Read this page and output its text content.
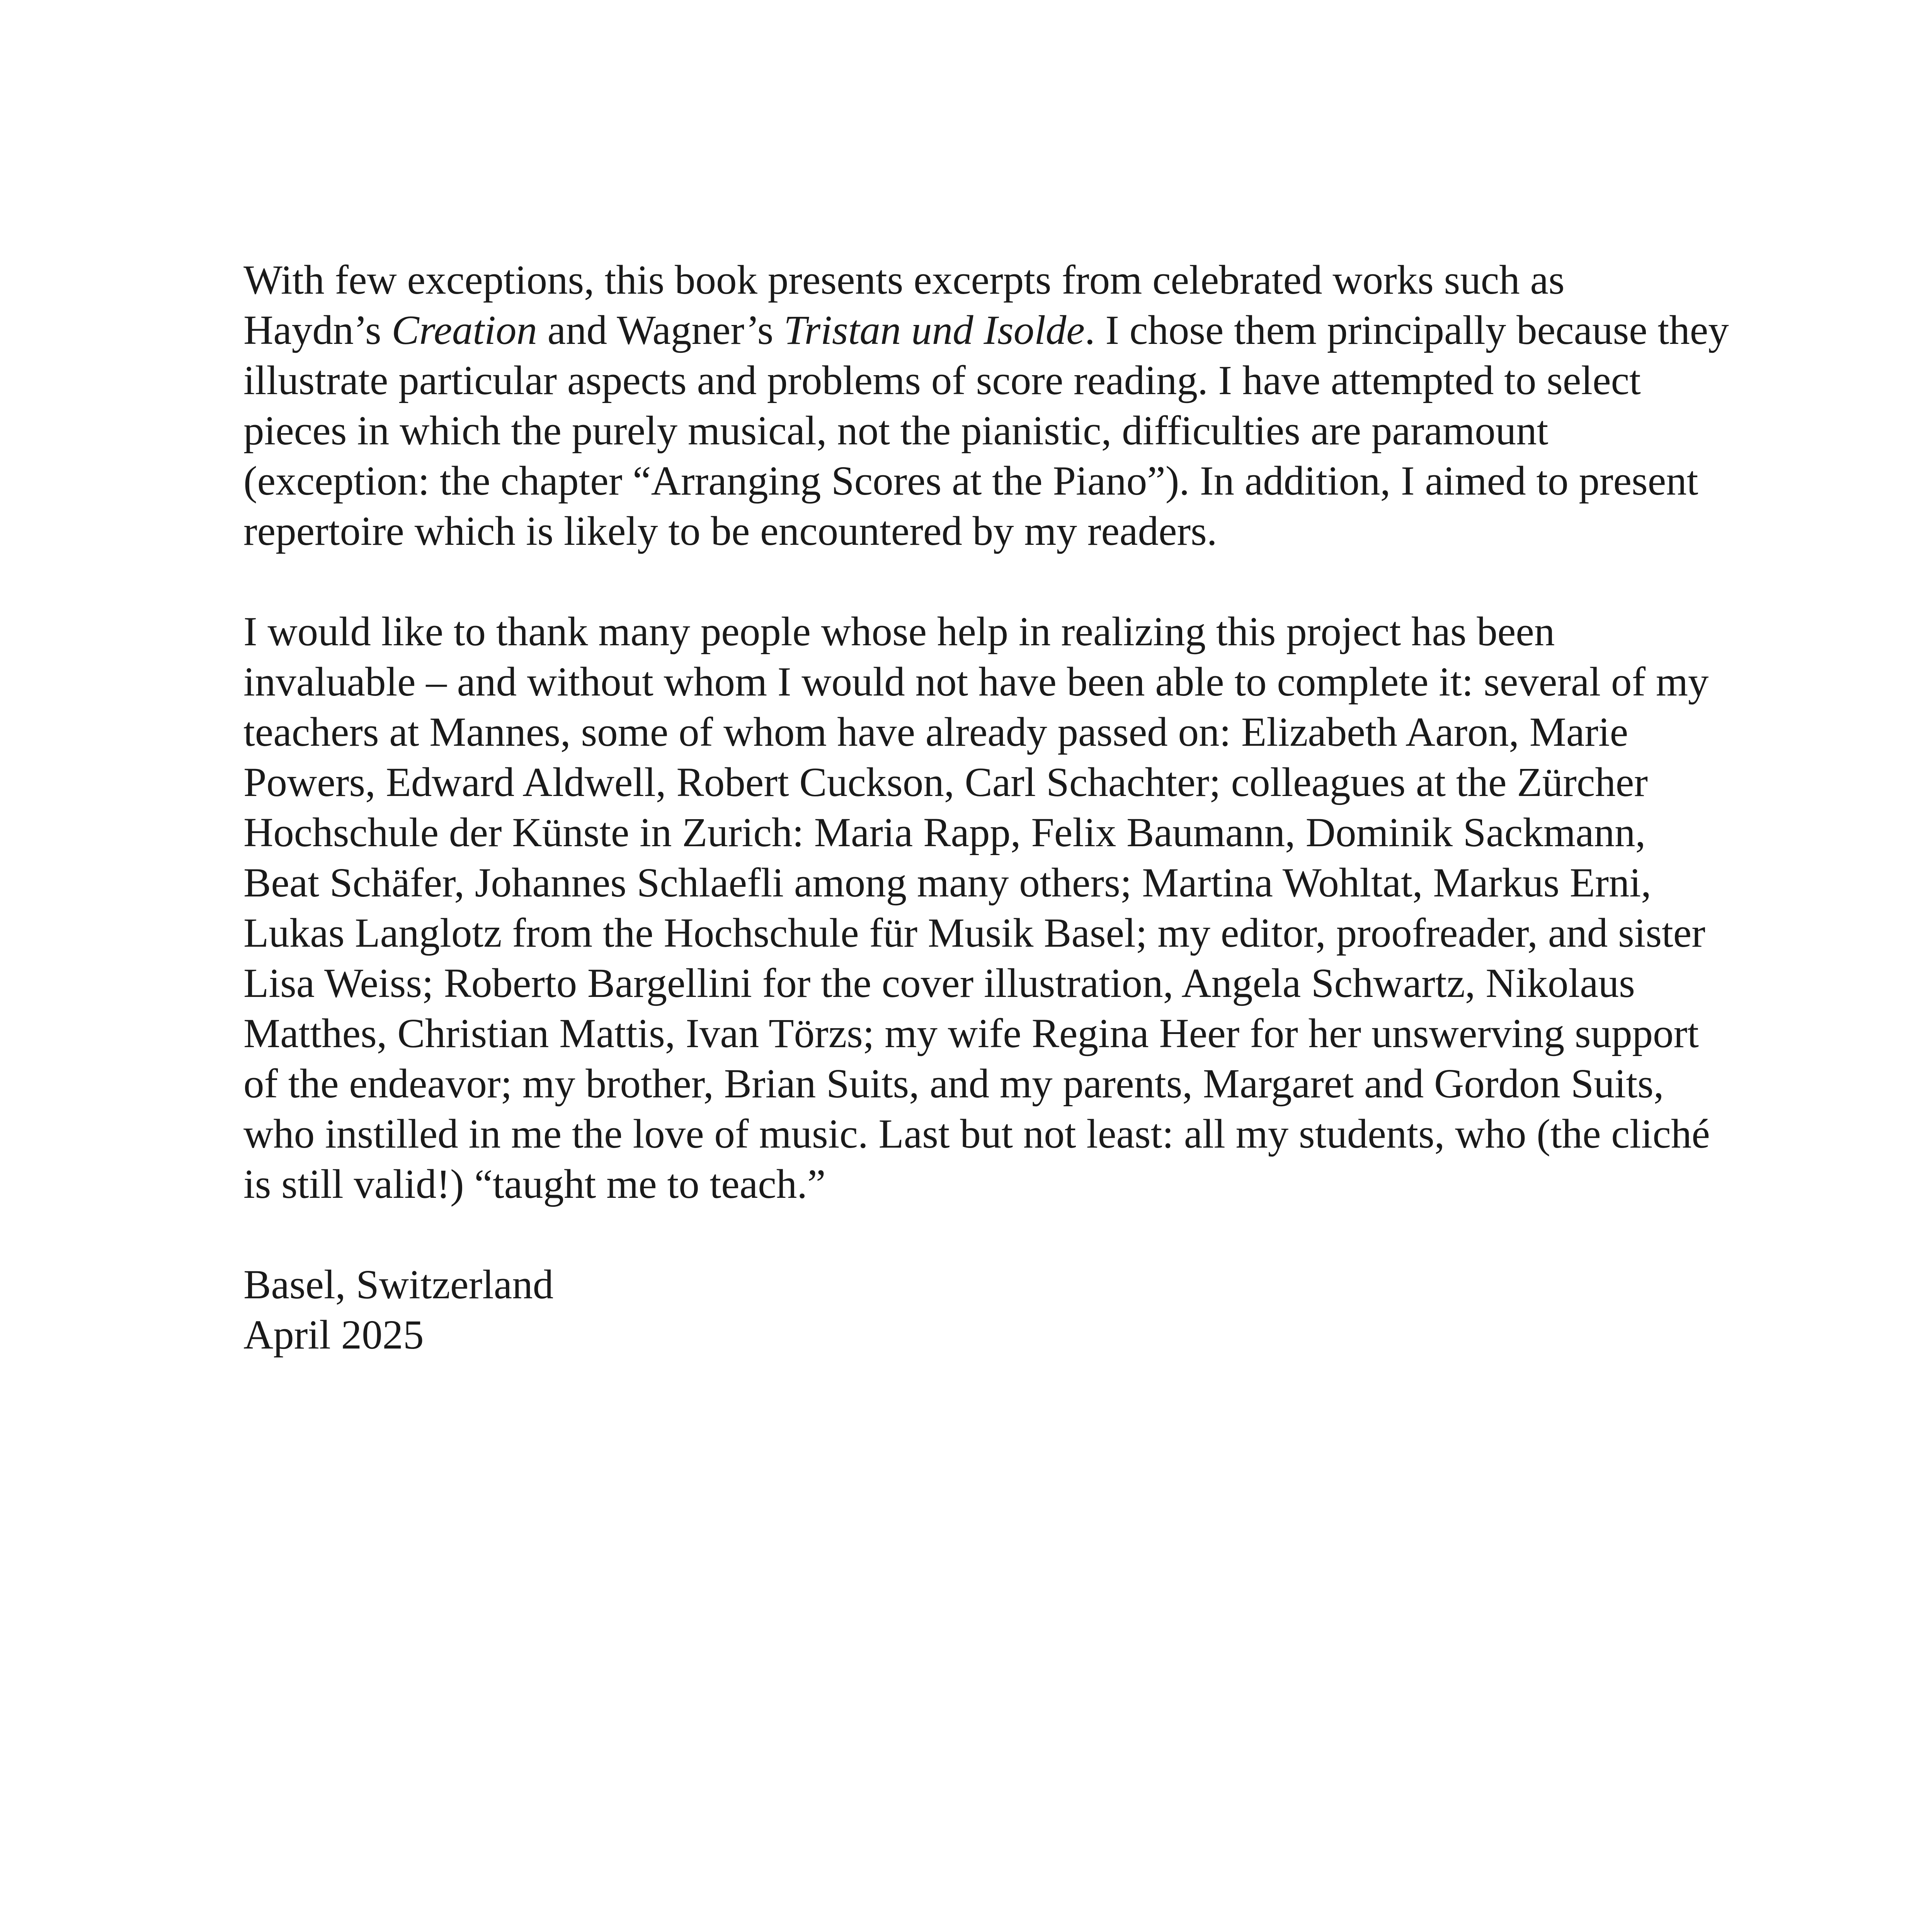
With few exceptions, this book presents excerpts from celebrated works such as
Haydn’s Creation and Wagner’s Tristan und Isolde. I chose them principally because they
illustrate particular aspects and problems of score reading. I have attempted to select
pieces in which the purely musical, not the pianistic, difficulties are paramount
(exception: the chapter “Arranging Scores at the Piano”). In addition, I aimed to present
repertoire which is likely to be encountered by my readers.
I would like to thank many people whose help in realizing this project has been
invaluable – and without whom I would not have been able to complete it: several of my
teachers at Mannes, some of whom have already passed on: Elizabeth Aaron, Marie
Powers, Edward Aldwell, Robert Cuckson, Carl Schachter; colleagues at the Zürcher
Hochschule der Künste in Zurich: Maria Rapp, Felix Baumann, Dominik Sackmann,
Beat Schäfer, Johannes Schlaefli among many others; Martina Wohltat, Markus Erni,
Lukas Langlotz from the Hochschule für Musik Basel; my editor, proofreader, and sister
Lisa Weiss; Roberto Bargellini for the cover illustration, Angela Schwartz, Nikolaus
Matthes, Christian Mattis, Ivan Törzs; my wife Regina Heer for her unswerving support
of the endeavor; my brother, Brian Suits, and my parents, Margaret and Gordon Suits,
who instilled in me the love of music. Last but not least: all my students, who (the cliché
is still valid!) “taught me to teach.”
Basel, Switzerland
April 2025
